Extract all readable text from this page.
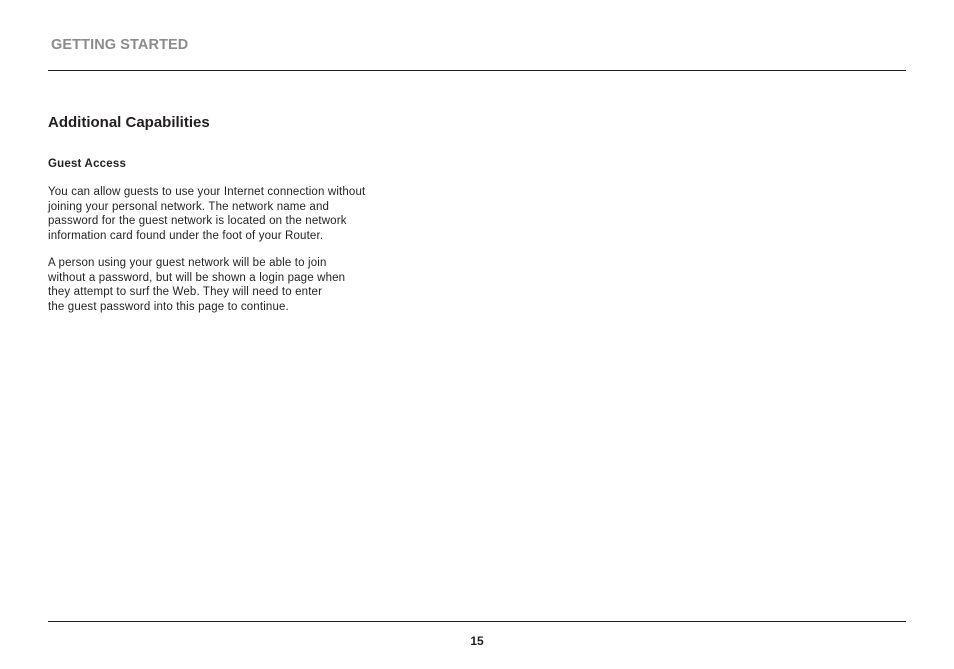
GETTING STARTED
Additional Capabilities
Guest Access

You can allow guests to use your Internet connection without
joining your personal network. The network name and
password for the guest network is located on the network
information card found under the foot of your Router.

A person using your guest network will be able to join
without a password, but will be shown a login page when
they attempt to surf the Web. They will need to enter
the guest password into this page to continue.

15
